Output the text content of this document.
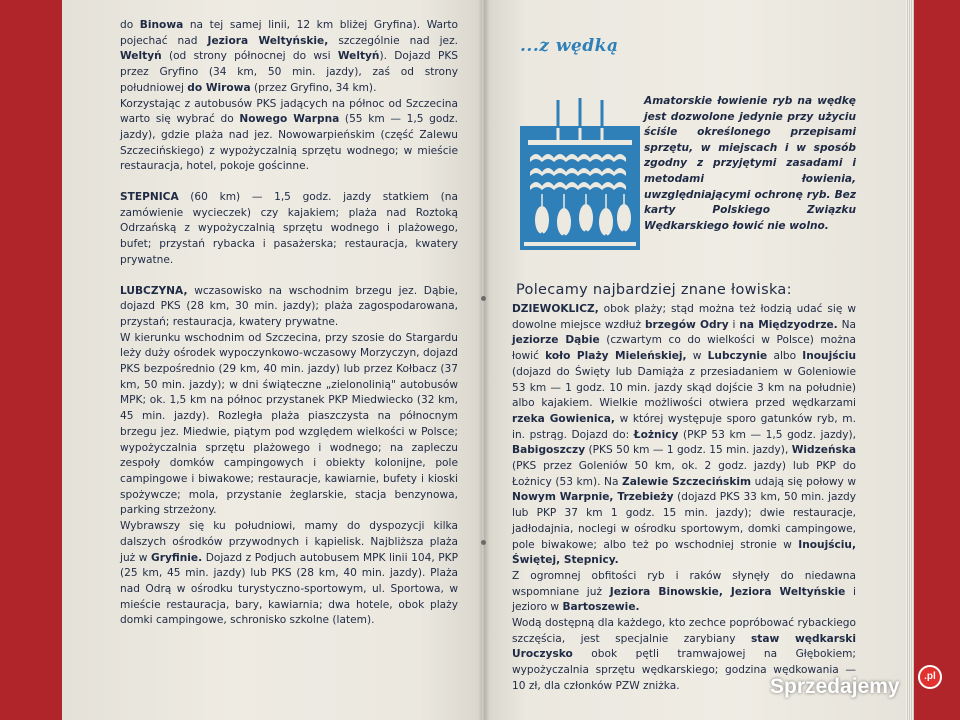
do Binowa na tej samej linii, 12 km bliżej Gryfina). Warto pojechać nad Jeziora Weltyńskie, szczególnie nad jez. Weltyń (od strony północnej do wsi Weltyń). Dojazd PKS przez Gryfino (34 km, 50 min. jazdy), zaś od strony południowej do Wirowa (przez Gryfino, 34 km).

Korzystając z autobusów PKS jadących na północ od Szczecina warto się wybrać do Nowego Warpna (55 km — 1,5 godz. jazdy), gdzie plaża nad jez. Nowowarpieńskim (część Zalewu Szczecińskiego) z wypożyczalnią sprzętu wodnego; w mieście restauracja, hotel, pokoje gościnne.

STEPNICA (60 km) — 1,5 godz. jazdy statkiem (na zamówienie wycieczek) czy kajakiem; plaża nad Roztoką Odrzańską z wypożyczalnią sprzętu wodnego i plażowego, bufet; przystań rybacka i pasażerska; restauracja, kwatery prywatne.

LUBCZYNA, wczasowisko na wschodnim brzegu jez. Dąbie, dojazd PKS (28 km, 30 min. jazdy); plaża zagospodarowana, przystań; restauracja, kwatery prywatne.

W kierunku wschodnim od Szczecina, przy szosie do Stargardu leży duży ośrodek wypoczynkowo-wczasowy Morzyczyn, dojazd PKS bezpośrednio (29 km, 40 min. jazdy) lub przez Kołbacz (37 km, 50 min. jazdy); w dni świąteczne „zielonolinią" autobusów MPK; ok. 1,5 km na północ przystanek PKP Miedwiecko (32 km, 45 min. jazdy). Rozległa plaża piaszczysta na północnym brzegu jez. Miedwie, piątym pod względem wielkości w Polsce; wypożyczalnia sprzętu plażowego i wodnego; na zapleczu zespoły domków campingowych i obiekty kolonijne, pole campingowe i biwakowe; restauracje, kawiarnie, bufety i kioski spożywcze; mola, przystanie żeglarskie, stacja benzynowa, parking strzeżony.

Wybrawszy się ku południowi, mamy do dyspozycji kilka dalszych ośrodków przywodnych i kąpielisk. Najbliższa plaża już w Gryfinie. Dojazd z Podjuch autobusem MPK linii 104, PKP (25 km, 45 min. jazdy) lub PKS (28 km, 40 min. jazdy). Plaża nad Odrą w ośrodku turystyczno-sportowym, ul. Sportowa, w mieście restauracja, bary, kawiarnia; dwa hotele, obok plaży domki campingowe, schronisko szkolne (latem).

...z wędką
Amatorskie łowienie ryb na wędkę jest dozwolone jedynie przy użyciu ściśle określonego przepisami sprzętu, w miejscach i w sposób zgodny z przyjętymi zasadami i metodami łowienia, uwzględniającymi ochronę ryb. Bez karty Polskiego Związku Wędkarskiego łowić nie wolno.
Polecamy najbardziej znane łowiska:

DZIEWOKLICZ, obok plaży; stąd można też łodzią udać się w dowolne miejsce wzdłuż brzegów Odry i na Międzyodrze. Na jeziorze Dąbie (czwartym co do wielkości w Polsce) można łowić koło Plaży Mieleńskiej, w Lubczynie albo Inoujściu (dojazd do Święty lub Damiąża z przesiadaniem w Goleniowie 53 km — 1 godz. 10 min. jazdy skąd dojście 3 km na południe) albo kajakiem. Wielkie możliwości otwiera przed wędkarzami rzeka Gowienica, w której występuje sporo gatunków ryb, m. in. pstrąg. Dojazd do: Łożnicy (PKP 53 km — 1,5 godz. jazdy), Babigoszczy (PKS 50 km — 1 godz. 15 min. jazdy), Widzeńska (PKS przez Goleniów 50 km, ok. 2 godz. jazdy) lub PKP do Łożnicy (53 km). Na Zalewie Szczecińskim udają się połowy w Nowym Warpnie, Trzebieży (dojazd PKS 33 km, 50 min. jazdy lub PKP 37 km 1 godz. 15 min. jazdy); dwie restauracje, jadłodajnia, noclegi w ośrodku sportowym, domki campingowe, pole biwakowe; albo też po wschodniej stronie w Inoujściu, Świętej, Stepnicy.

Z ogromnej obfitości ryb i raków słynęły do niedawna wspomniane już Jeziora Binowskie, Jeziora Weltyńskie i jezioro w Bartoszewie.

Wodą dostępną dla każdego, kto zechce popróbować rybackiego szczęścia, jest specjalnie zarybiany staw wędkarski Uroczysko obok pętli tramwajowej na Głębokiem; wypożyczalnia sprzętu wędkarskiego; godzina wędkowania — 10 zł, dla członków PZW zniżka.	Sprzedajemy	.pl
